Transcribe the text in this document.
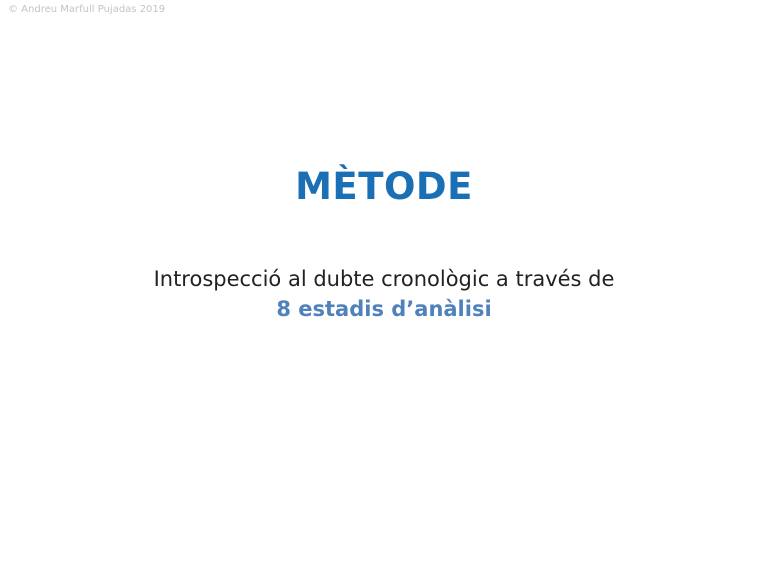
© Andreu Marfull Pujadas 2019
MÈTODE
Introspecció al dubte cronològic a través de
8 estadis d’anàlisi
